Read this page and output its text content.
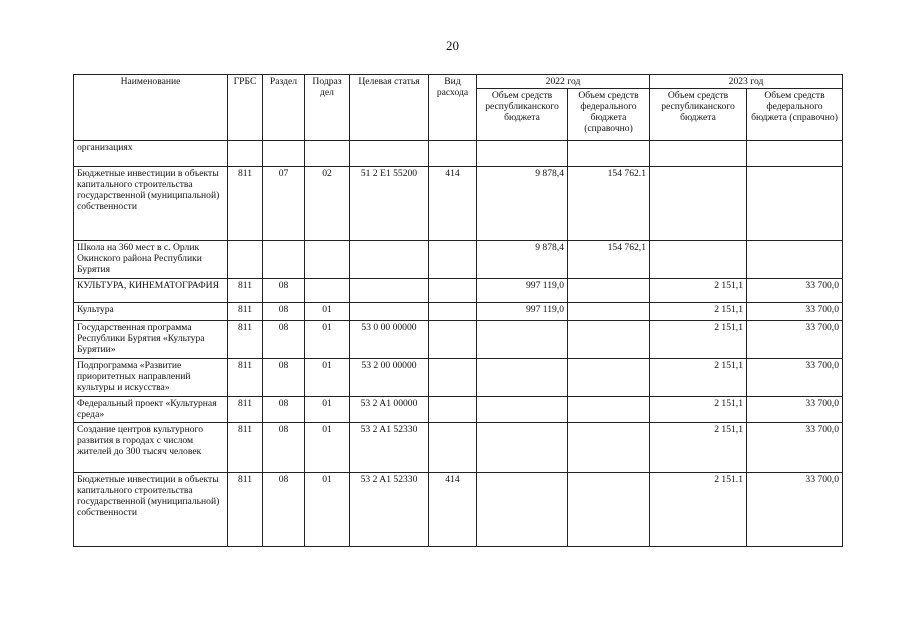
20
Наименование	ГРБС	Раздел	Подраз дел	Целевая статья	Вид расхода	2022 год		2023 год	
						Объем средств республиканского бюджета	Объем средств федерального бюджета (справочно)	Объем средств республиканского бюджета	Объем средств федерального бюджета (справочно)
организациях									
Бюджетные инвестиции в объекты капитального строительства государственной (муниципальной) собственности	811	07	02	51 2 E1 55200	414	9 878,4	154 762.1		
Школа на 360 мест в с. Орлик Окинского района Республики Бурятия						9 878,4	154 762,1		
КУЛЬТУРА, КИНЕМАТОГРАФИЯ	811	08				997 119,0		2 151,1	33 700,0
Культура	811	08	01			997 119,0		2 151,1	33 700,0
Государственная программа Республики Бурятия «Культура Бурятии»	811	08	01	53 0 00 00000				2 151,1	33 700,0
Подпрограмма «Развитие приоритетных направлений культуры и искусства»	811	08	01	53 2 00 00000				2 151,1	33 700,0
Федеральный проект «Культурная среда»	811	08	01	53 2 A1 00000				2 151,1	33 700,0
Создание центров культурного развития в городах с числом жителей до 300 тысяч человек	811	08	01	53 2 A1 52330				2 151,1	33 700,0
Бюджетные инвестиции в объекты капитального строительства государственной (муниципальной) собственности	811	08	01	53 2 A1 52330	414			2 151.1	33 700,0
